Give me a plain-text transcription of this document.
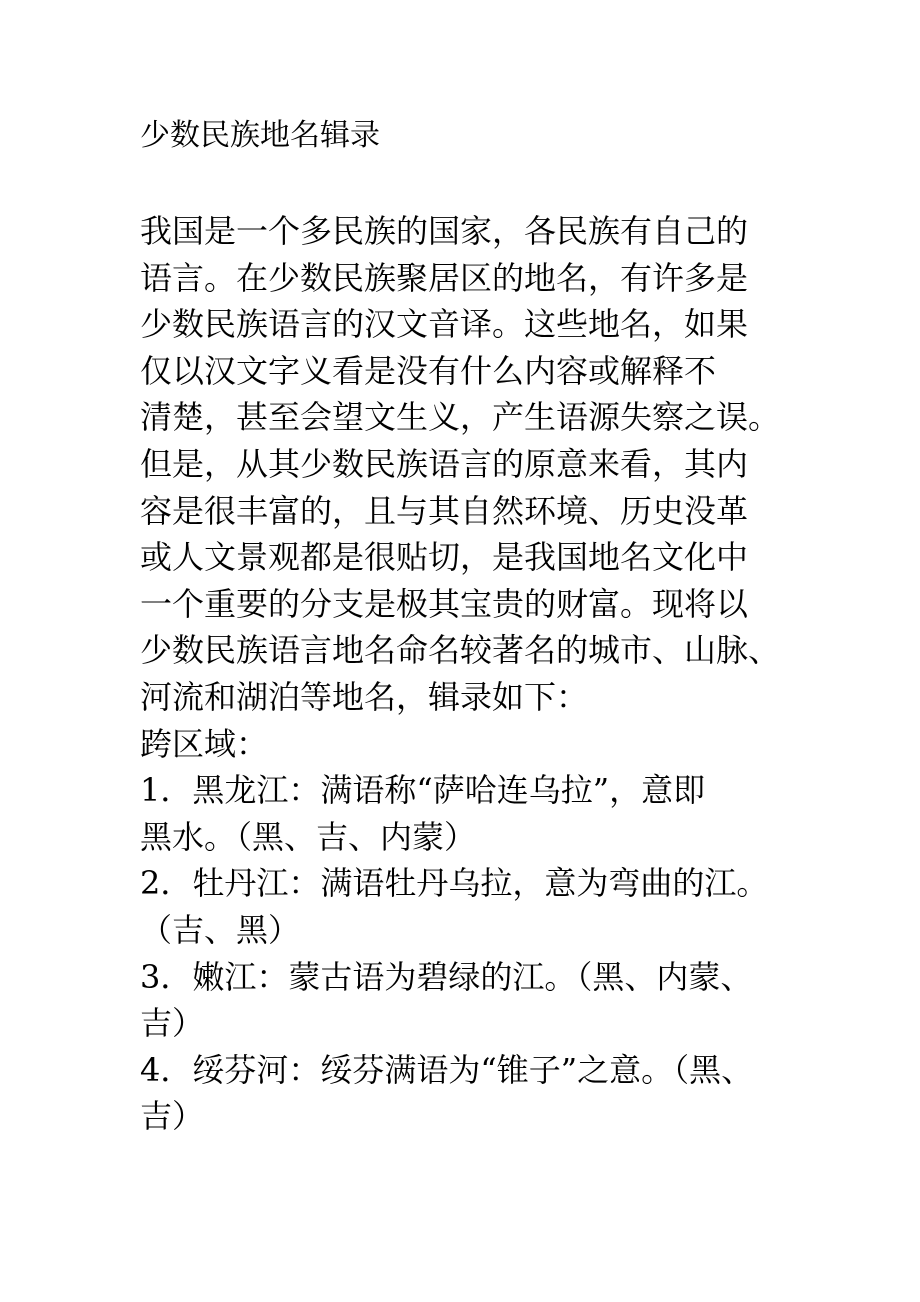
少数民族地名辑录
我国是一个多民族的国家，各民族有自己的
语言。在少数民族聚居区的地名，有许多是
少数民族语言的汉文音译。这些地名，如果
仅以汉文字义看是没有什么内容或解释不
清楚，甚至会望文生义，产生语源失察之误。
但是，从其少数民族语言的原意来看，其内
容是很丰富的，且与其自然环境、历史没革
或人文景观都是很贴切，是我国地名文化中
一个重要的分支是极其宝贵的财富。现将以
少数民族语言地名命名较著名的城市、山脉、
河流和湖泊等地名，辑录如下：
跨区域：
1．黑龙江：满语称“萨哈连乌拉”，意即
黑水。（黑、吉、内蒙）
2．牡丹江：满语牡丹乌拉，意为弯曲的江。
（吉、黑）
3．嫩江：蒙古语为碧绿的江。（黑、内蒙、
吉）
4．绥芬河：绥芬满语为“锥子”之意。（黑、
吉）
